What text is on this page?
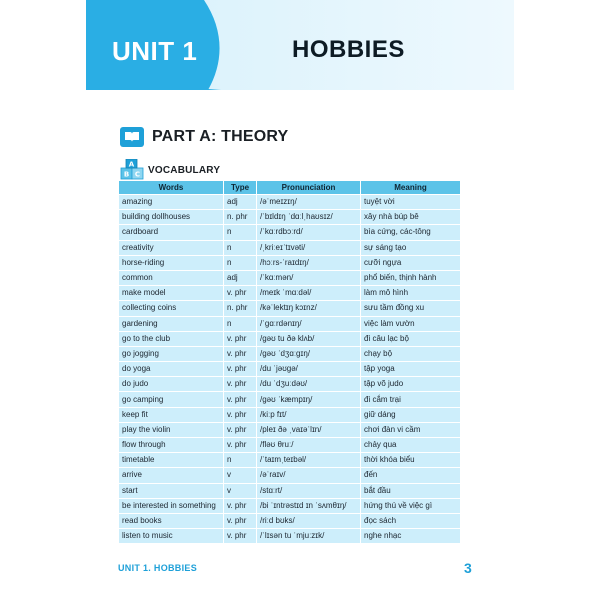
UNIT 1	HOBBIES
PART A: THEORY
A
B C VOCABULARY
Words	Type	Pronunciation	Meaning
amazing	adj	/əˈmeɪzɪŋ/	tuyệt vời
building dollhouses	n. phr	/ˈbɪldɪŋ ˈdɑːlˌhaʊsɪz/	xây nhà búp bê
cardboard	n	/ˈkɑːrdbɔːrd/	bìa cứng, các-tông
creativity	n	/ˌkriːeɪˈtɪvəti/	sự sáng tạo
horse-riding	n	/hɔːrs-ˈraɪdɪŋ/	cưỡi ngựa
common	adj	/ˈkɑːmən/	phổ biến, thịnh hành
make model	v. phr	/meɪk ˈmɑːdəl/	làm mô hình
collecting coins	n. phr	/kəˈlektɪŋ kɔɪnz/	sưu tầm đồng xu
gardening	n	/ˈɡɑːrdənɪŋ/	việc làm vườn
go to the club	v. phr	/ɡəʊ tu ðə klʌb/	đi câu lạc bộ
go jogging	v. phr	/ɡəʊ ˈdʒɑːɡɪŋ/	chạy bộ
do yoga	v. phr	/du ˈjəʊɡə/	tập yoga
do judo	v. phr	/du ˈdʒuːdəʊ/	tập võ judo
go camping	v. phr	/ɡəʊ ˈkæmpɪŋ/	đi cắm trại
keep fit	v. phr	/kiːp fɪt/	giữ dáng
play the violin	v. phr	/pleɪ ðə ˌvaɪəˈlɪn/	chơi đàn vi cầm
flow through	v. phr	/fləʊ θruː/	chảy qua
timetable	n	/ˈtaɪmˌteɪbəl/	thời khóa biểu
arrive	v	/əˈraɪv/	đến
start	v	/stɑːrt/	bắt đầu
be interested in something	v. phr	/bi ˈɪntrəstɪd ɪn ˈsʌmθɪŋ/	hứng thú về việc gì
read books	v. phr	/riːd bʊks/	đọc sách
listen to music	v. phr	/ˈlɪsən tu ˈmjuːzɪk/	nghe nhạc
UNIT 1. HOBBIES	3
